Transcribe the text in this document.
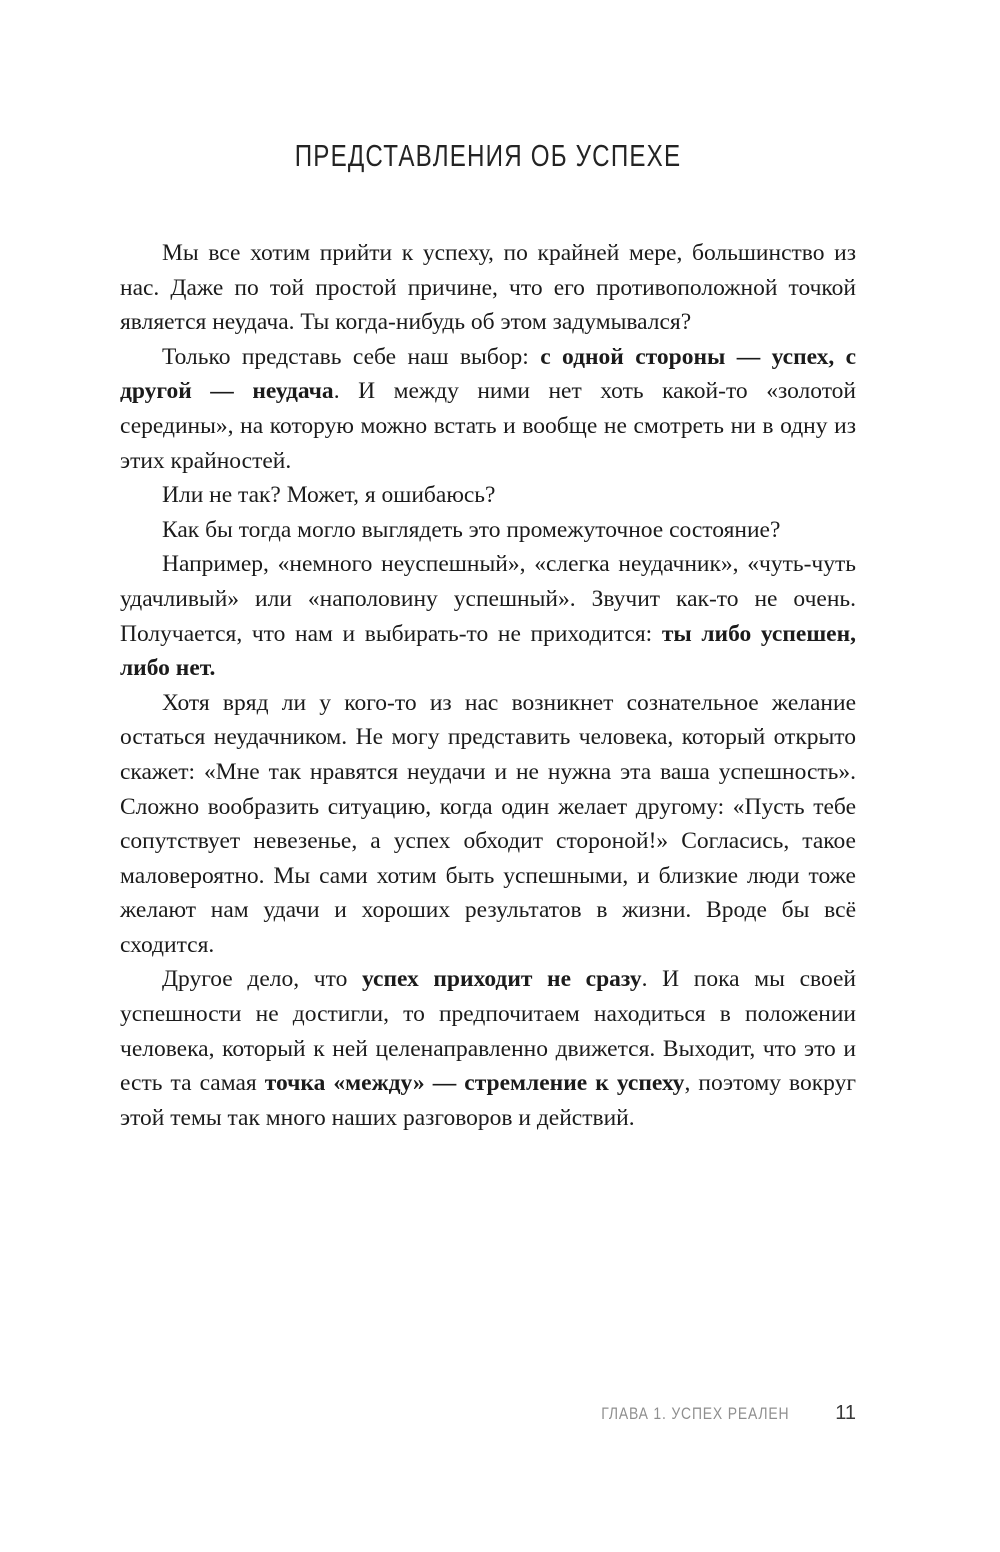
ПРЕДСТАВЛЕНИЯ ОБ УСПЕХЕ

Мы все хотим прийти к успеху, по крайней мере, большинство из нас. Даже по той простой причине, что его противоположной точкой является неудача. Ты когда-нибудь об этом задумывался?

Только представь себе наш выбор: с одной стороны — успех, с другой — неудача. И между ними нет хоть какой-то «золотой середины», на которую можно встать и вообще не смотреть ни в одну из этих крайностей.

Или не так? Может, я ошибаюсь?

Как бы тогда могло выглядеть это промежуточное состояние?

Например, «немного неуспешный», «слегка неудачник», «чуть-чуть удачливый» или «наполовину успешный». Звучит как-то не очень. Получается, что нам и выбирать-то не приходится: ты либо успешен, либо нет.

Хотя вряд ли у кого-то из нас возникнет сознательное желание остаться неудачником. Не могу представить человека, который открыто скажет: «Мне так нравятся неудачи и не нужна эта ваша успешность». Сложно вообразить ситуацию, когда один желает другому: «Пусть тебе сопутствует невезенье, а успех обходит стороной!» Согласись, такое маловероятно. Мы сами хотим быть успешными, и близкие люди тоже желают нам удачи и хороших результатов в жизни. Вроде бы всё сходится.

Другое дело, что успех приходит не сразу. И пока мы своей успешности не достигли, то предпочитаем находиться в положении человека, который к ней целенаправленно движется. Выходит, что это и есть та самая точка «между» — стремление к успеху, поэтому вокруг этой темы так много наших разговоров и действий.

ГЛАВА 1. УСПЕХ РЕАЛЕН 11
